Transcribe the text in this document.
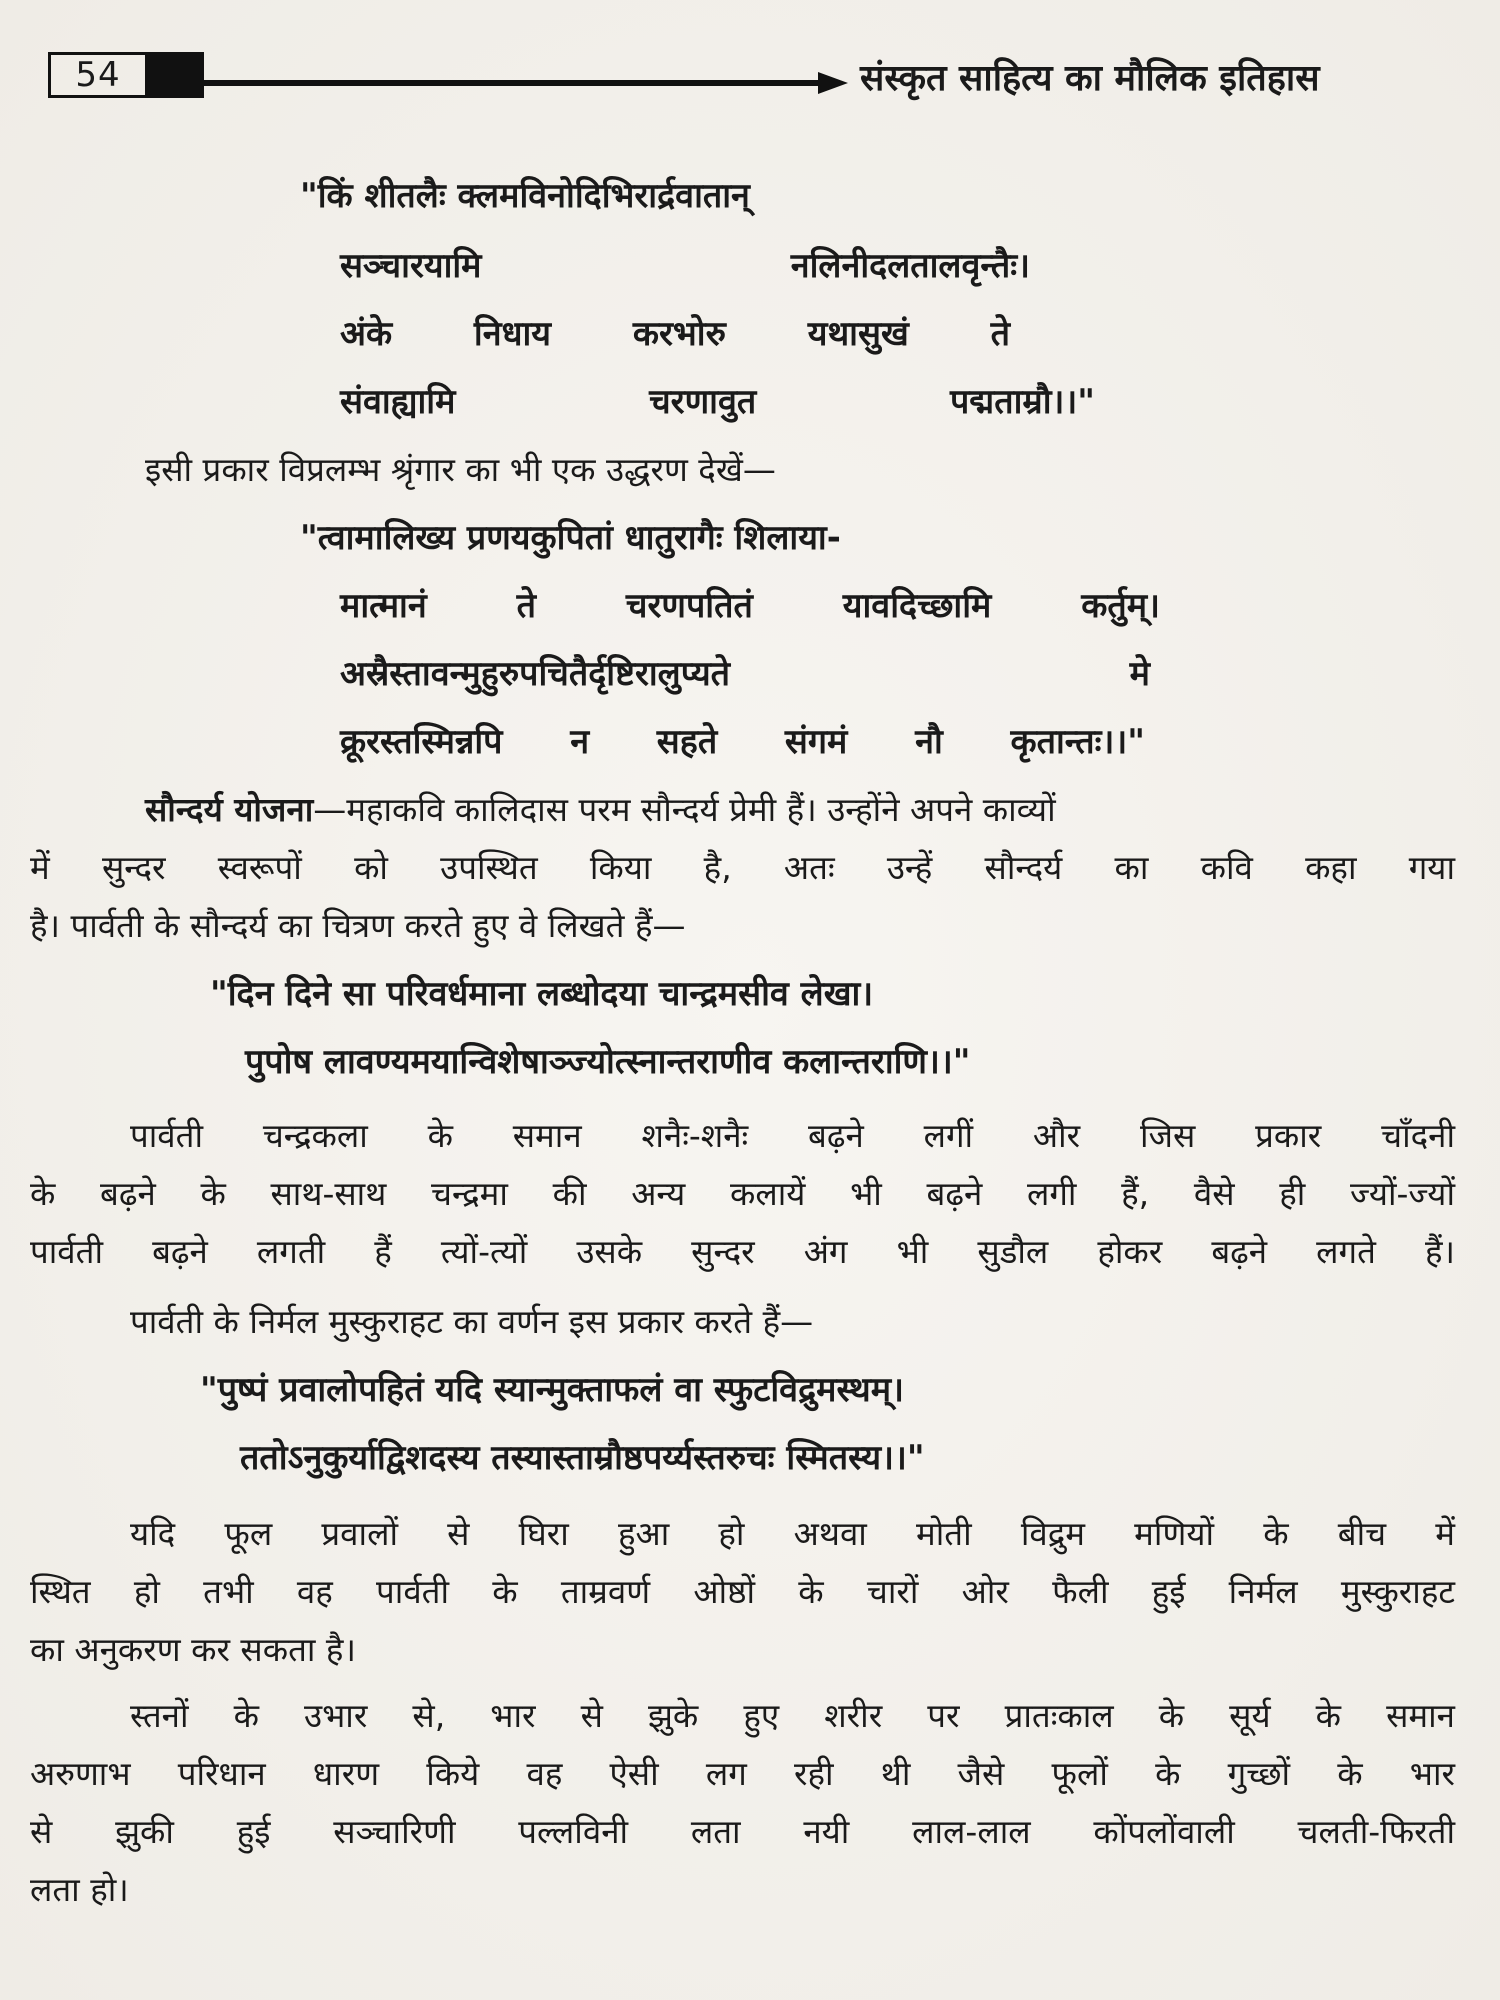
54	संस्कृत साहित्य का मौलिक इतिहास
"किं शीतलैः क्लमविनोदिभिरार्द्रवातान्
सञ्चारयामि नलिनीदलतालवृन्तैः।
अंके निधाय करभोरु यथासुखं ते
संवाह्यामि चरणावुत पद्मताम्रौ।।"
इसी प्रकार विप्रलम्भ श्रृंगार का भी एक उद्धरण देखें—
"त्वामालिख्य प्रणयकुपितां धातुरागैः शिलाया-
मात्मानं ते चरणपतितं यावदिच्छामि कर्तुम्।
अस्रैस्तावन्मुहुरुपचितैर्दृष्टिरालुप्यते मे
क्रूरस्तस्मिन्नपि न सहते संगमं नौ कृतान्तः।।"
सौन्दर्य योजना—महाकवि कालिदास परम सौन्दर्य प्रेमी हैं। उन्होंने अपने काव्यों
में सुन्दर स्वरूपों को उपस्थित किया है, अतः उन्हें सौन्दर्य का कवि कहा गया
है। पार्वती के सौन्दर्य का चित्रण करते हुए वे लिखते हैं—
"दिन दिने सा परिवर्धमाना लब्धोदया चान्द्रमसीव लेखा।
पुपोष लावण्यमयान्विशेषाञ्ज्योत्स्नान्तराणीव कलान्तराणि।।"
पार्वती चन्द्रकला के समान शनैः-शनैः बढ़ने लगीं और जिस प्रकार चाँदनी
के बढ़ने के साथ-साथ चन्द्रमा की अन्य कलायें भी बढ़ने लगी हैं, वैसे ही ज्यों-ज्यों
पार्वती बढ़ने लगती हैं त्यों-त्यों उसके सुन्दर अंग भी सुडौल होकर बढ़ने लगते हैं।
पार्वती के निर्मल मुस्कुराहट का वर्णन इस प्रकार करते हैं—
"पुष्पं प्रवालोपहितं यदि स्यान्मुक्ताफलं वा स्फुटविद्रुमस्थम्।
ततोऽनुकुर्याद्विशदस्य तस्यास्ताम्रौष्ठपर्य्यस्तरुचः स्मितस्य।।"
यदि फूल प्रवालों से घिरा हुआ हो अथवा मोती विद्रुम मणियों के बीच में
स्थित हो तभी वह पार्वती के ताम्रवर्ण ओष्ठों के चारों ओर फैली हुई निर्मल मुस्कुराहट
का अनुकरण कर सकता है।
स्तनों के उभार से, भार से झुके हुए शरीर पर प्रातःकाल के सूर्य के समान
अरुणाभ परिधान धारण किये वह ऐसी लग रही थी जैसे फूलों के गुच्छों के भार
से झुकी हुई सञ्चारिणी पल्लविनी लता नयी लाल-लाल कोंपलोंवाली चलती-फिरती
लता हो।
